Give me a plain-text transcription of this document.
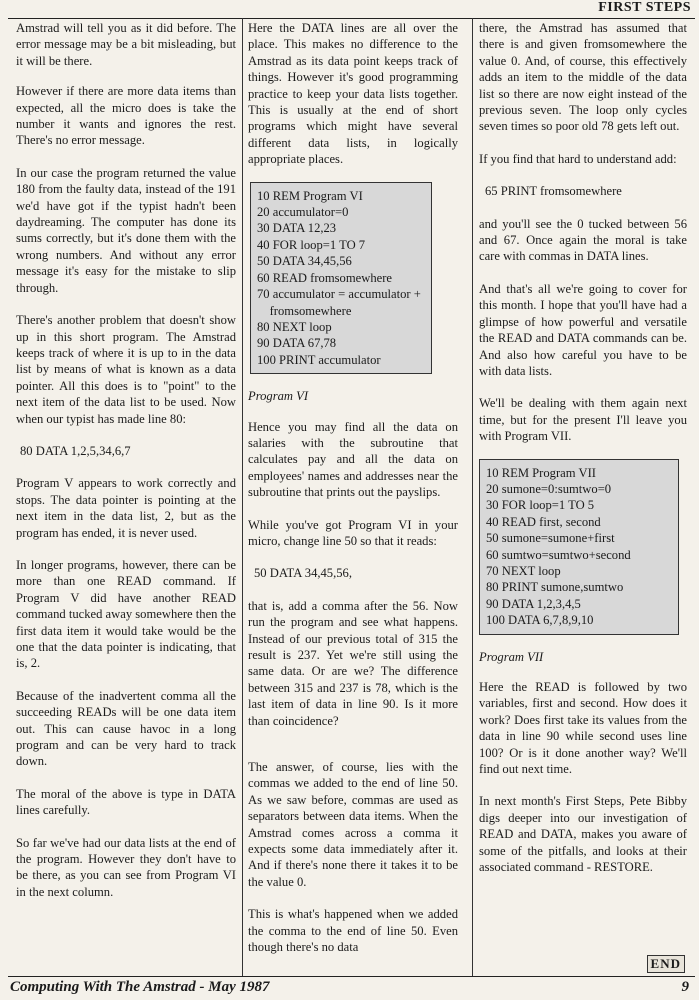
FIRST STEPS

Amstrad will tell you as it did before. The error message may be a bit misleading, but it will be there.

However if there are more data items than expected, all the micro does is take the number it wants and ignores the rest. There's no error message.

In our case the program returned the value 180 from the faulty data, instead of the 191 we'd have got if the typist hadn't been daydreaming. The computer has done its sums correctly, but it's done them with the wrong numbers. And without any error message it's easy for the mistake to slip through.

There's another problem that doesn't show up in this short program. The Amstrad keeps track of where it is up to in the data list by means of what is known as a data pointer. All this does is to "point" to the next item of the data list to be used. Now when our typist has made line 80:

80 DATA 1,2,5,34,6,7

Program V appears to work correctly and stops. The data pointer is pointing at the next item in the data list, 2, but as the program has ended, it is never used.

In longer programs, however, there can be more than one READ command. If Program V did have another READ command tucked away somewhere then the first data item it would take would be the one that the data pointer is indicating, that is, 2.

Because of the inadvertent comma all the succeeding READs will be one data item out. This can cause havoc in a long program and can be very hard to track down.

The moral of the above is type in DATA lines carefully.

So far we've had our data lists at the end of the program. However they don't have to be there, as you can see from Program VI in the next column.

Here the DATA lines are all over the place. This makes no difference to the Amstrad as its data point keeps track of things. However it's good programming practice to keep your data lists together. This is usually at the end of short programs which might have several different data lists, in logically appropriate places.

10 REM Program VI
20 accumulator=0
30 DATA 12,23
40 FOR loop=1 TO 7
50 DATA 34,45,56
60 READ fromsomewhere
70 accumulator = accumulator +
fromsomewhere
80 NEXT loop
90 DATA 67,78
100 PRINT accumulator

Program VI

Hence you may find all the data on salaries with the subroutine that calculates pay and all the data on employees' names and addresses near the subroutine that prints out the payslips.

While you've got Program VI in your micro, change line 50 so that it reads:

50 DATA 34,45,56,

that is, add a comma after the 56. Now run the program and see what happens. Instead of our previous total of 315 the result is 237. Yet we're still using the same data. Or are we? The difference between 315 and 237 is 78, which is the last item of data in line 90. Is it more than coincidence?

The answer, of course, lies with the commas we added to the end of line 50. As we saw before, commas are used as separators between data items. When the Amstrad comes across a comma it expects some data immediately after it. And if there's none there it takes it to be the value 0.

This is what's happened when we added the comma to the end of line 50. Even though there's no data

there, the Amstrad has assumed that there is and given fromsomewhere the value 0. And, of course, this effectively adds an item to the middle of the data list so there are now eight instead of the previous seven. The loop only cycles seven times so poor old 78 gets left out.

If you find that hard to understand add:

65 PRINT fromsomewhere

and you'll see the 0 tucked between 56 and 67. Once again the moral is take care with commas in DATA lines.

And that's all we're going to cover for this month. I hope that you'll have had a glimpse of how powerful and versatile the READ and DATA commands can be. And also how careful you have to be with data lists.

We'll be dealing with them again next time, but for the present I'll leave you with Program VII.

10 REM Program VII
20 sumone=0:sumtwo=0
30 FOR loop=1 TO 5
40 READ first, second
50 sumone=sumone+first
60 sumtwo=sumtwo+second
70 NEXT loop
80 PRINT sumone,sumtwo
90 DATA 1,2,3,4,5
100 DATA 6,7,8,9,10

Program VII

Here the READ is followed by two variables, first and second. How does it work? Does first take its values from the data in line 90 while second uses line 100? Or is it done another way? We'll find out next time.

In next month's First Steps, Pete Bibby digs deeper into our investigation of READ and DATA, makes you aware of some of the pitfalls, and looks at their associated command - RESTORE.

END
Computing With The Amstrad - May 1987	9
